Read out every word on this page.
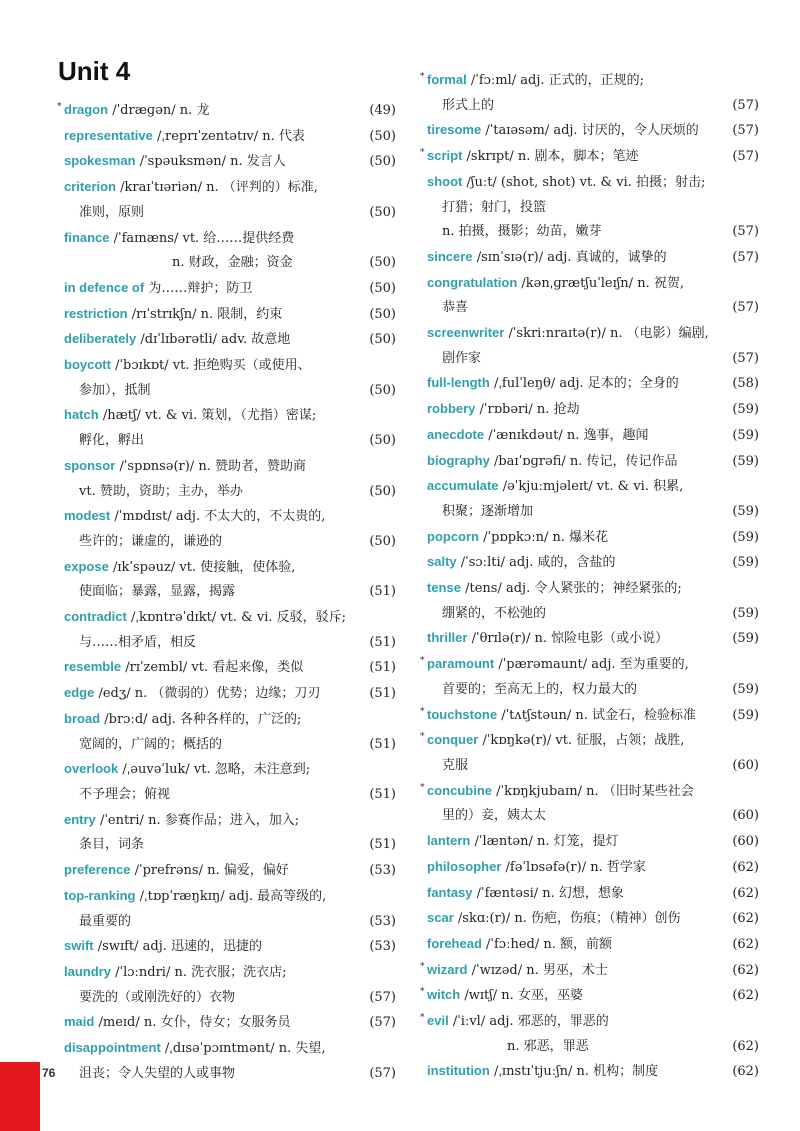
Unit 4
* dragon /ˈdræɡən/ n. 龙	(49)
representative /ˌreprɪˈzentətɪv/ n. 代表	(50)
spokesman /ˈspəuksmən/ n. 发言人	(50)
criterion /kraɪˈtɪəriən/ n. （评判的）标准,
准则，原则	(50)
finance /ˈfaɪnæns/ vt. 给……提供经费
n. 财政，金融；资金	(50)
in defence of 为……辩护；防卫	(50)
restriction /rɪˈstrɪkʃn/ n. 限制，约束	(50)
deliberately /dɪˈlɪbərətli/ adv. 故意地	(50)
boycott /ˈbɔɪkɒt/ vt. 拒绝购买（或使用、
参加），抵制	(50)
hatch /hætʃ/ vt. & vi. 策划，（尤指）密谋;
孵化，孵出	(50)
sponsor /ˈspɒnsə(r)/ n. 赞助者，赞助商
vt. 赞助，资助；主办，举办	(50)
modest /ˈmɒdɪst/ adj. 不太大的，不太贵的,
些许的；谦虚的，谦逊的	(50)
expose /ɪkˈspəuz/ vt. 使接触，使体验,
使面临；暴露，显露，揭露	(51)
contradict /ˌkɒntrəˈdɪkt/ vt. & vi. 反驳，驳斥;
与……相矛盾，相反	(51)
resemble /rɪˈzembl/ vt. 看起来像，类似	(51)
edge /edʒ/ n. （微弱的）优势；边缘；刀刃	(51)
broad /brɔːd/ adj. 各种各样的，广泛的;
宽阔的，广阔的；概括的	(51)
overlook /ˌəuvəˈluk/ vt. 忽略，未注意到;
不予理会；俯视	(51)
entry /ˈentri/ n. 参赛作品；进入，加入;
条目，词条	(51)
preference /ˈprefrəns/ n. 偏爱，偏好	(53)
top-ranking /ˌtɒpˈræŋkɪŋ/ adj. 最高等级的,
最重要的	(53)
swift /swɪft/ adj. 迅速的，迅捷的	(53)
laundry /ˈlɔːndri/ n. 洗衣服；洗衣店;
要洗的（或刚洗好的）衣物	(57)
maid /meɪd/ n. 女仆，侍女；女服务员	(57)
disappointment /ˌdɪsəˈpɔɪntmənt/ n. 失望,
沮丧；令人失望的人或事物	(57)
* formal /ˈfɔːml/ adj. 正式的，正规的;
形式上的	(57)
tiresome /ˈtaɪəsəm/ adj. 讨厌的，令人厌烦的	(57)
* script /skrɪpt/ n. 剧本，脚本；笔迹	(57)
shoot /ʃuːt/ (shot, shot) vt. & vi. 拍摄；射击;
打猎；射门，投篮
n. 拍摄，摄影；幼苗，嫩芽	(57)
sincere /sɪnˈsɪə(r)/ adj. 真诚的，诚挚的	(57)
congratulation /kənˌɡrætʃuˈleɪʃn/ n. 祝贺,
恭喜	(57)
screenwriter /ˈskriːnraɪtə(r)/ n. （电影）编剧,
剧作家	(57)
full-length /ˌfulˈleŋθ/ adj. 足本的；全身的	(58)
robbery /ˈrɒbəri/ n. 抢劫	(59)
anecdote /ˈænɪkdəut/ n. 逸事，趣闻	(59)
biography /baɪˈɒɡrəfi/ n. 传记，传记作品	(59)
accumulate /əˈkjuːmjəleɪt/ vt. & vi. 积累,
积聚；逐渐增加	(59)
popcorn /ˈpɒpkɔːn/ n. 爆米花	(59)
salty /ˈsɔːlti/ adj. 咸的，含盐的	(59)
tense /tens/ adj. 令人紧张的；神经紧张的;
绷紧的，不松弛的	(59)
thriller /ˈθrɪlə(r)/ n. 惊险电影（或小说）	(59)
* paramount /ˈpærəmaunt/ adj. 至为重要的,
首要的；至高无上的，权力最大的	(59)
* touchstone /ˈtʌtʃstəun/ n. 试金石，检验标准	(59)
* conquer /ˈkɒŋkə(r)/ vt. 征服，占领；战胜,
克服	(60)
* concubine /ˈkɒŋkjubaɪn/ n. （旧时某些社会
里的）妾，姨太太	(60)
lantern /ˈlæntən/ n. 灯笼，提灯	(60)
philosopher /fəˈlɒsəfə(r)/ n. 哲学家	(62)
fantasy /ˈfæntəsi/ n. 幻想，想象	(62)
scar /skɑː(r)/ n. 伤疤，伤痕；（精神）创伤	(62)
forehead /ˈfɔːhed/ n. 额，前额	(62)
* wizard /ˈwɪzəd/ n. 男巫，术士	(62)
* witch /wɪtʃ/ n. 女巫，巫婆	(62)
* evil /ˈiːvl/ adj. 邪恶的，罪恶的
n. 邪恶，罪恶	(62)
institution /ˌɪnstɪˈtjuːʃn/ n. 机构；制度	(62)
76
